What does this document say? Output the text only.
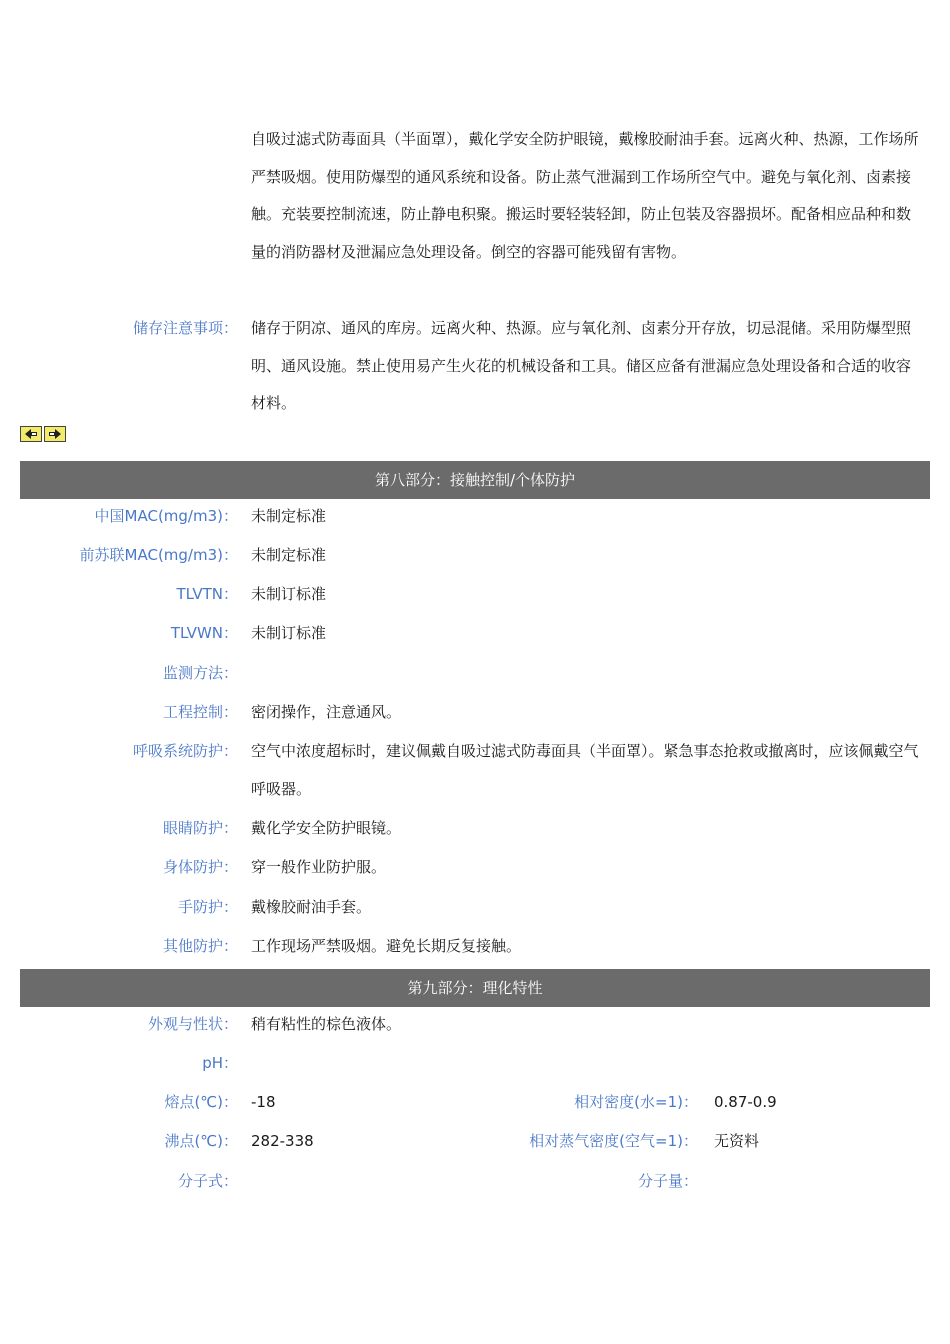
自吸过滤式防毒面具（半面罩），戴化学安全防护眼镜，戴橡胶耐油手套。远离火种、热源，工作场所严禁吸烟。使用防爆型的通风系统和设备。防止蒸气泄漏到工作场所空气中。避免与氧化剂、卤素接触。充装要控制流速，防止静电积聚。搬运时要轻装轻卸，防止包装及容器损坏。配备相应品种和数量的消防器材及泄漏应急处理设备。倒空的容器可能残留有害物。
储存注意事项： 储存于阴凉、通风的库房。远离火种、热源。应与氧化剂、卤素分开存放，切忌混储。采用防爆型照明、通风设施。禁止使用易产生火花的机械设备和工具。储区应备有泄漏应急处理设备和合适的收容材料。
第八部分：接触控制/个体防护
中国MAC(mg/m3)： 未制定标准
前苏联MAC(mg/m3)： 未制定标准
TLVTN： 未制订标准
TLVWN： 未制订标准
监测方法：
工程控制： 密闭操作，注意通风。
呼吸系统防护： 空气中浓度超标时，建议佩戴自吸过滤式防毒面具（半面罩）。紧急事态抢救或撤离时，应该佩戴空气呼吸器。
眼睛防护： 戴化学安全防护眼镜。
身体防护： 穿一般作业防护服。
手防护： 戴橡胶耐油手套。
其他防护： 工作现场严禁吸烟。避免长期反复接触。
第九部分：理化特性
外观与性状： 稍有粘性的棕色液体。
pH：
熔点(℃)： -18	相对密度(水=1)： 0.87-0.9
沸点(℃)： 282-338	相对蒸气密度(空气=1)： 无资料
分子式：	分子量：
